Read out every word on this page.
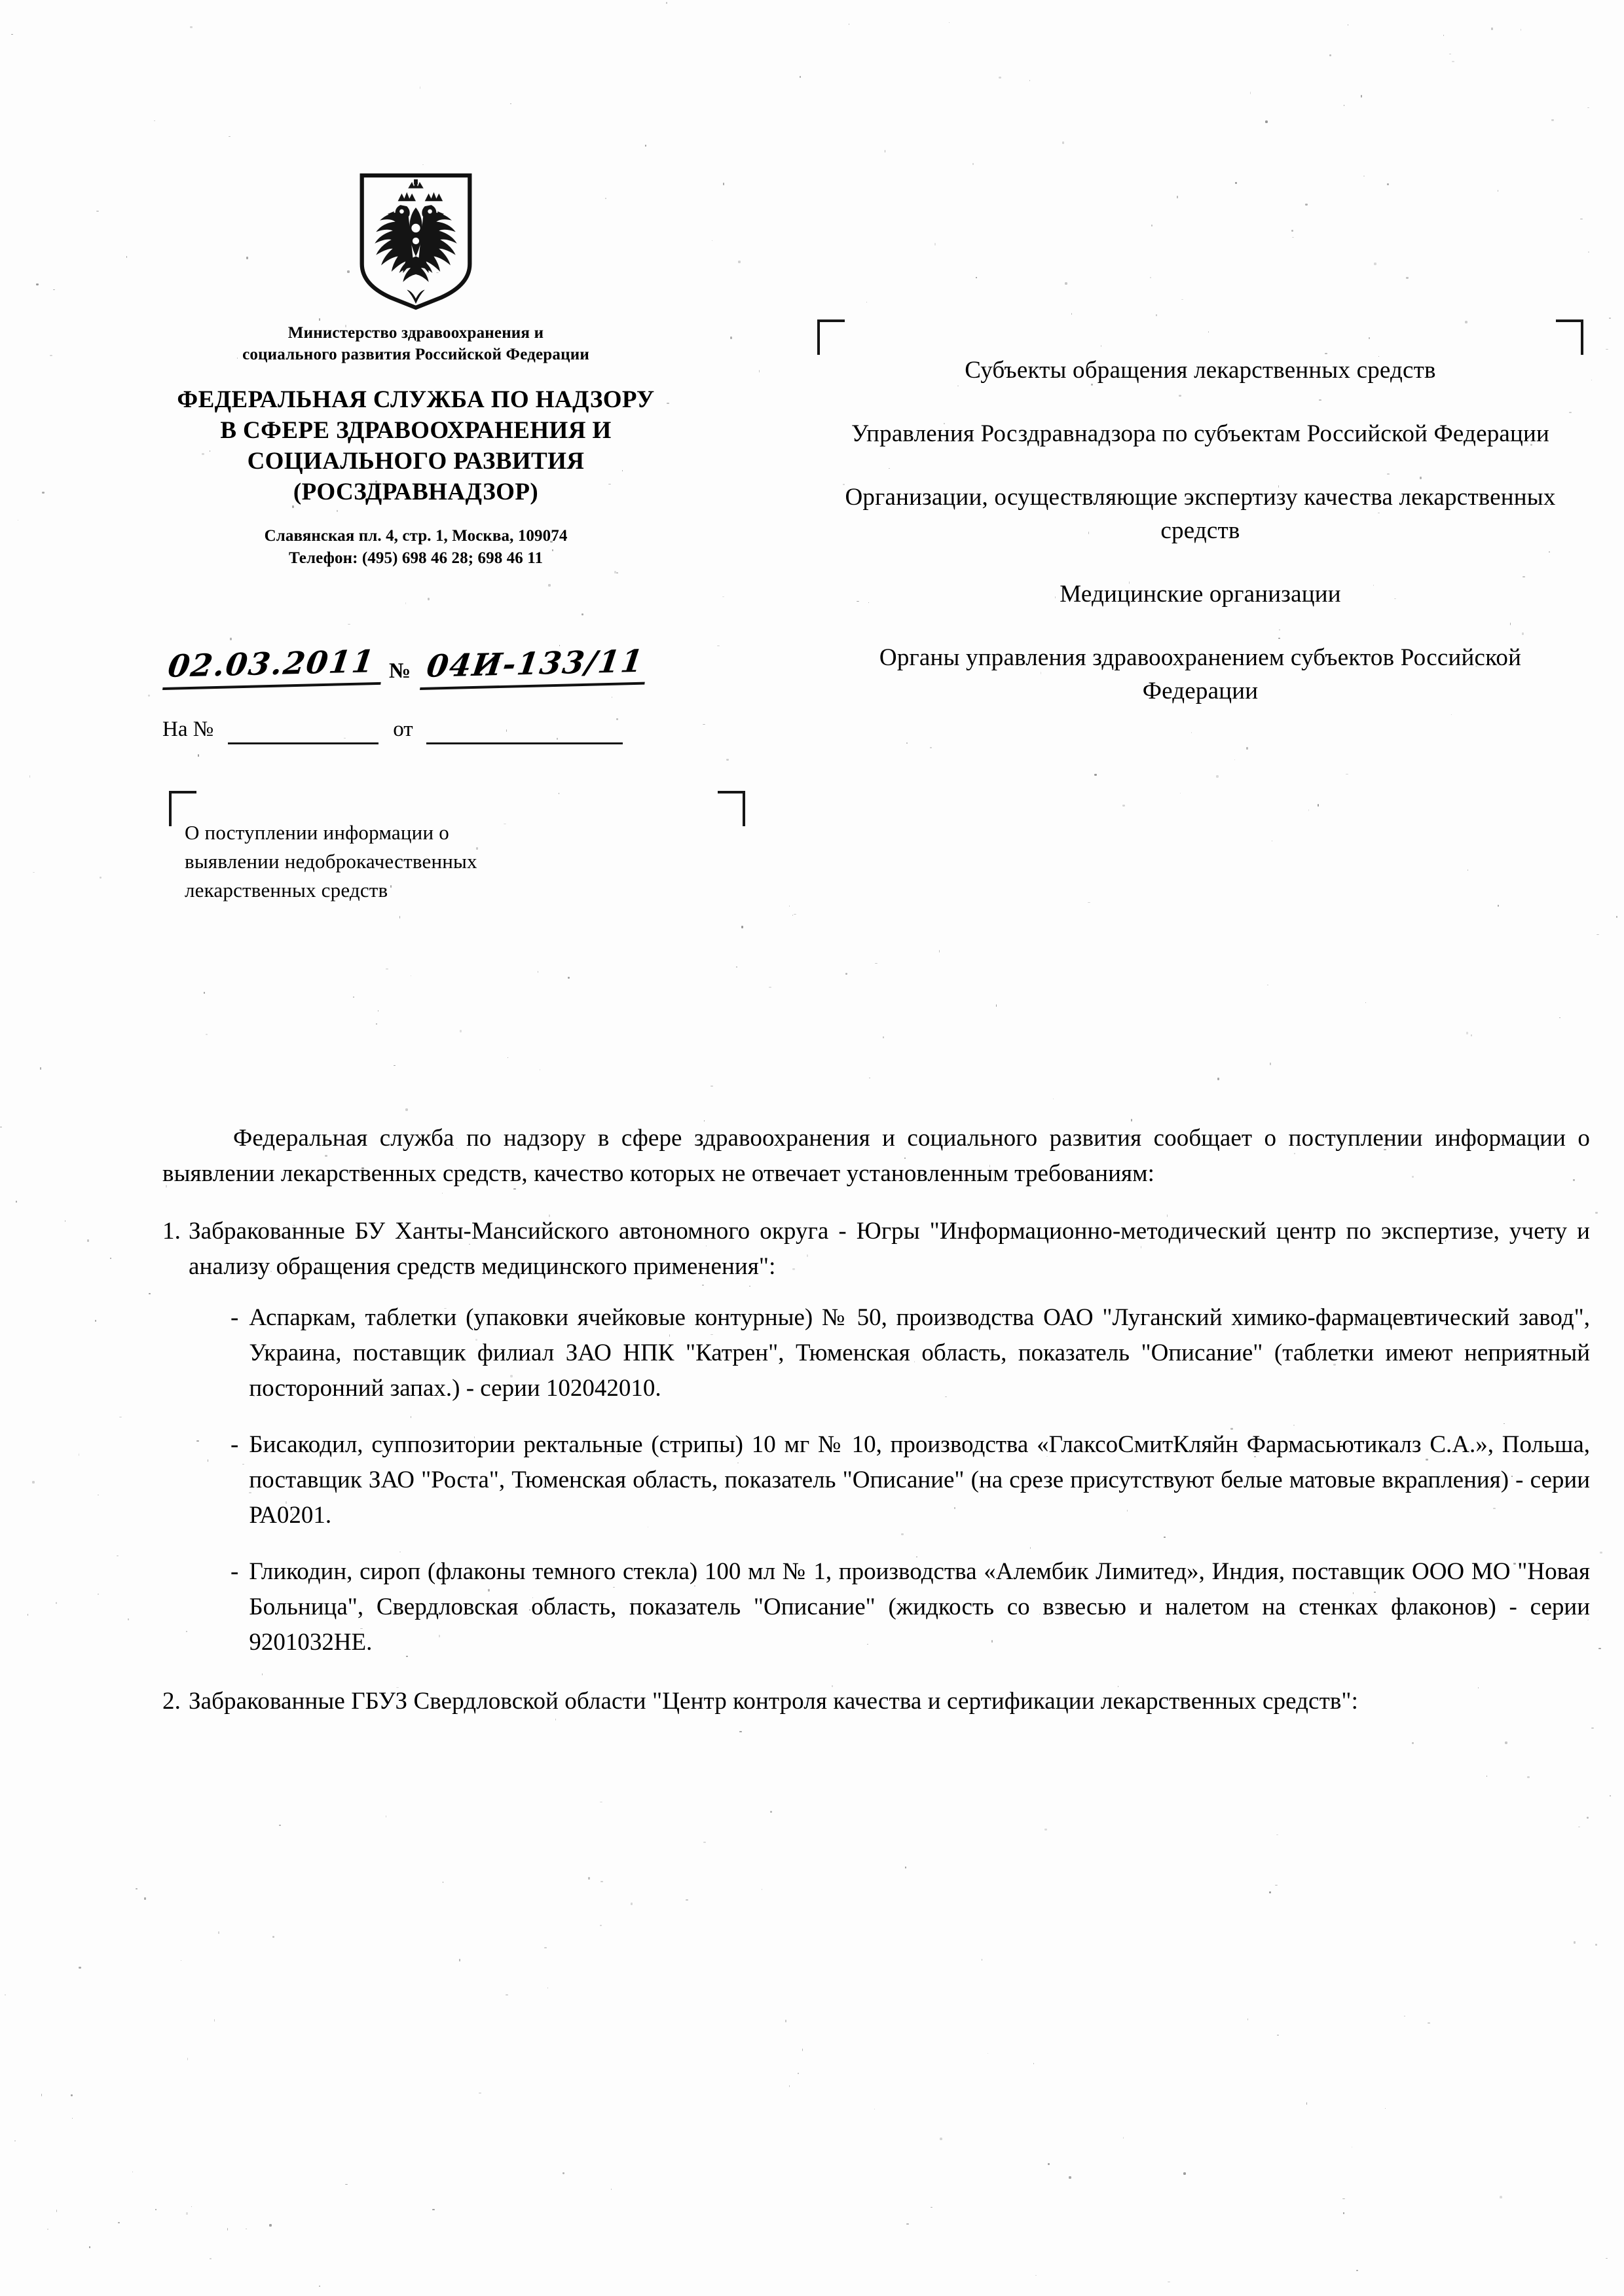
Министерство здравоохранения и
социального развития Российской Федерации
ФЕДЕРАЛЬНАЯ СЛУЖБА ПО НАДЗОРУ
В СФЕРЕ ЗДРАВООХРАНЕНИЯ И
СОЦИАЛЬНОГО РАЗВИТИЯ
(РОСЗДРАВНАДЗОР)
Славянская пл. 4, стр. 1, Москва, 109074
Телефон: (495) 698 46 28; 698 46 11
02.03.2011 № 04И-133/11
На №	от
О поступлении информации о
выявлении недоброкачественных
лекарственных средств
Субъекты обращения лекарственных средств
Управления Росздравнадзора по субъектам Российской Федерации
Организации, осуществляющие экспертизу качества лекарственных средств
Медицинские организации
Органы управления здравоохранением субъектов Российской Федерации
Федеральная служба по надзору в сфере здравоохранения и социального развития сообщает о поступлении информации о выявлении лекарственных средств, качество которых не отвечает установленным требованиям:
1. Забракованные БУ Ханты-Мансийского автономного округа - Югры "Информационно-методический центр по экспертизе, учету и анализу обращения средств медицинского применения":
- Аспаркам, таблетки (упаковки ячейковые контурные) № 50, производства ОАО "Луганский химико-фармацевтический завод", Украина, поставщик филиал ЗАО НПК "Катрен", Тюменская область, показатель "Описание" (таблетки имеют неприятный посторонний запах.) - серии 102042010.
- Бисакодил, суппозитории ректальные (стрипы) 10 мг № 10, производства «ГлаксоСмитКляйн Фармасьютикалз С.А.», Польша, поставщик ЗАО "Роста", Тюменская область, показатель "Описание" (на срезе присутствуют белые матовые вкрапления) - серии РА0201.
- Гликодин, сироп (флаконы темного стекла) 100 мл № 1, производства «Алембик Лимитед», Индия, поставщик ООО МО "Новая Больница", Свердловская область, показатель "Описание" (жидкость со взвесью и налетом на стенках флаконов) - серии 9201032НЕ.
2. Забракованные ГБУЗ Свердловской области "Центр контроля качества и сертификации лекарственных средств":
